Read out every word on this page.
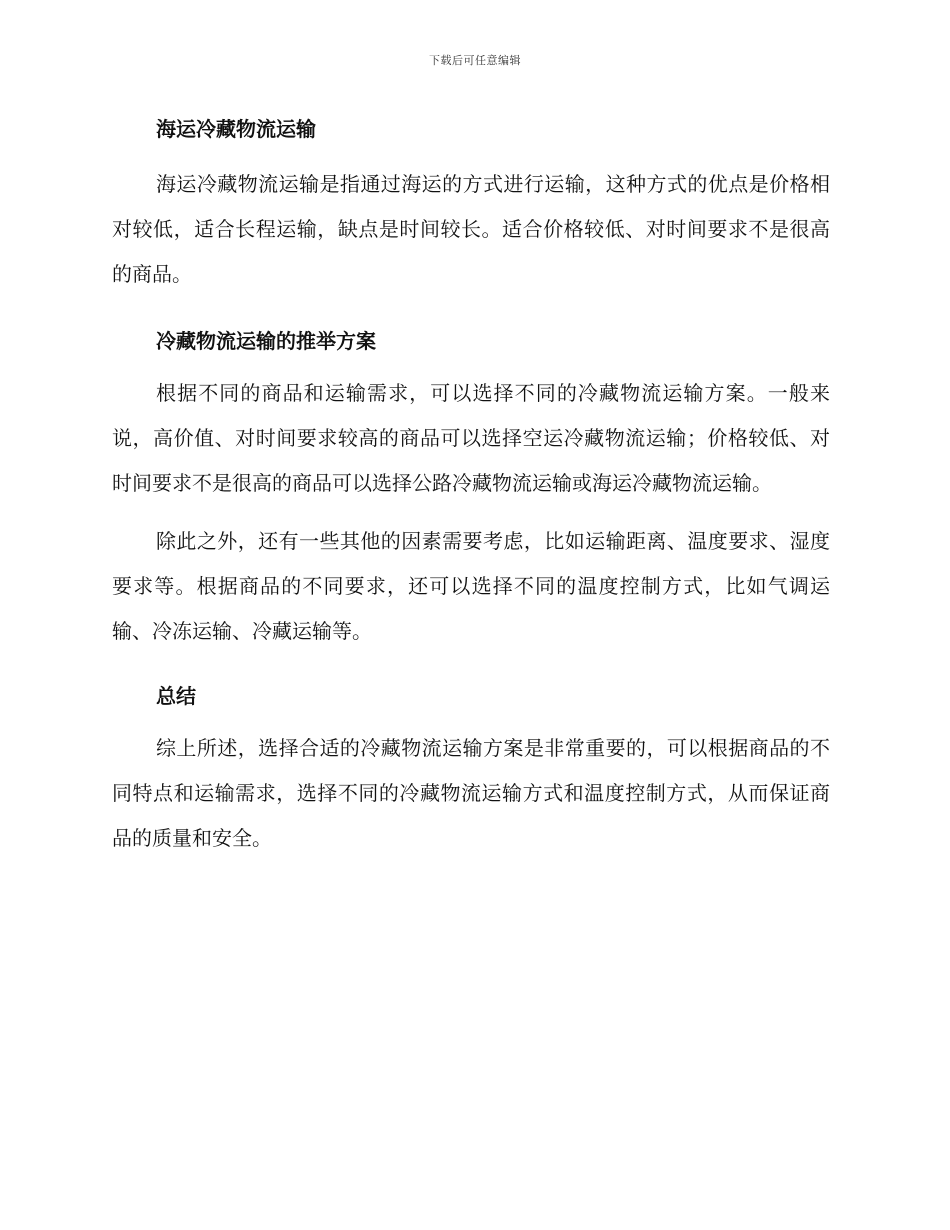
下载后可任意编辑
海运冷藏物流运输

海运冷藏物流运输是指通过海运的方式进行运输，这种方式的优点是价格相对较低，适合长程运输，缺点是时间较长。适合价格较低、对时间要求不是很高的商品。

冷藏物流运输的推举方案

根据不同的商品和运输需求，可以选择不同的冷藏物流运输方案。一般来说，高价值、对时间要求较高的商品可以选择空运冷藏物流运输；价格较低、对时间要求不是很高的商品可以选择公路冷藏物流运输或海运冷藏物流运输。

除此之外，还有一些其他的因素需要考虑，比如运输距离、温度要求、湿度要求等。根据商品的不同要求，还可以选择不同的温度控制方式，比如气调运输、冷冻运输、冷藏运输等。

总结

综上所述，选择合适的冷藏物流运输方案是非常重要的，可以根据商品的不同特点和运输需求，选择不同的冷藏物流运输方式和温度控制方式，从而保证商品的质量和安全。
